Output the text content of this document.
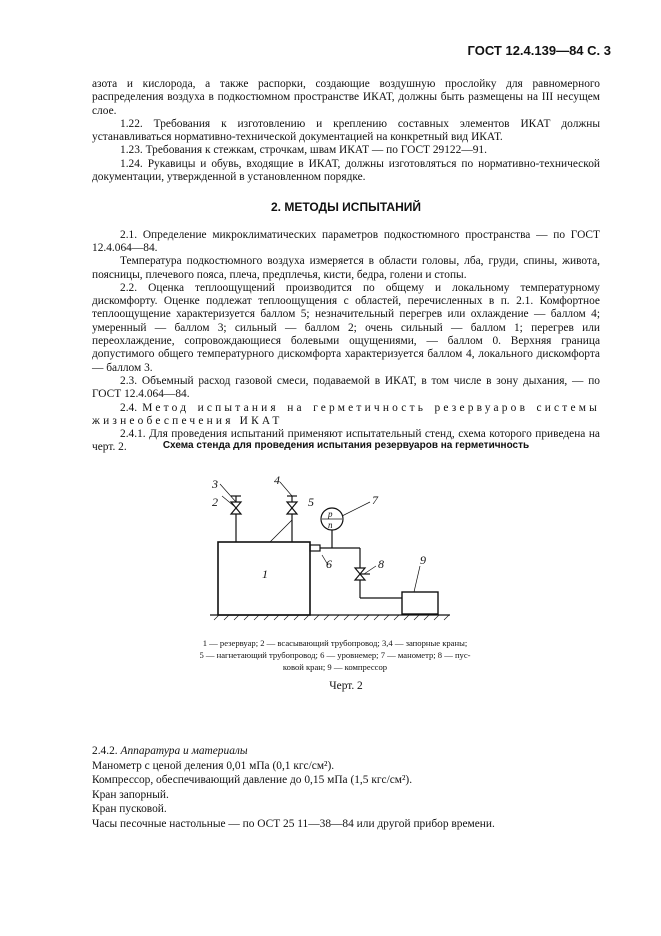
ГОСТ 12.4.139—84 С. 3

азота и кислорода, а также распорки, создающие воздушную прослойку для равномерного распределения воздуха в подкостюмном пространстве ИКАТ, должны быть размещены на III несущем слое.

1.22. Требования к изготовлению и креплению составных элементов ИКАТ должны устанавливаться нормативно-технической документацией на конкретный вид ИКАТ.

1.23. Требования к стежкам, строчкам, швам ИКАТ — по ГОСТ 29122—91.

1.24. Рукавицы и обувь, входящие в ИКАТ, должны изготовляться по нормативно-технической документации, утвержденной в установленном порядке.

2. МЕТОДЫ ИСПЫТАНИЙ

2.1. Определение микроклиматических параметров подкостюмного пространства — по ГОСТ 12.4.064—84.

Температура подкостюмного воздуха измеряется в области головы, лба, груди, спины, живота, поясницы, плечевого пояса, плеча, предплечья, кисти, бедра, голени и стопы.

2.2. Оценка теплоощущений производится по общему и локальному температурному дискомфорту. Оценке подлежат теплоощущения с областей, перечисленных в п. 2.1. Комфортное теплоощущение характеризуется баллом 5; незначительный перегрев или охлаждение — баллом 4; умеренный — баллом 3; сильный — баллом 2; очень сильный — баллом 1; перегрев или переохлаждение, сопровождающиеся болевыми ощущениями, — баллом 0. Верхняя граница допустимого общего температурного дискомфорта характеризуется баллом 4, локального дискомфорта — баллом 3.

2.3. Объемный расход газовой смеси, подаваемой в ИКАТ, в том числе в зону дыхания, — по ГОСТ 12.4.064—84.

2.4. Метод испытания на герметичность резервуаров системы жизнеобеспечения ИКАТ

2.4.1. Для проведения испытаний применяют испытательный стенд, схема которого приведена на черт. 2.	Схема стенда для проведения испытания резервуаров на герметичность
1
2
3	4
5
6
7
8	9
p
n
1 — резервуар; 2 — всасывающий трубопровод; 3,4 — запорные краны;
5 — нагнетающий трубопровод; 6 — уровнемер; 7 — манометр; 8 — пус-
ковой кран; 9 — компрессор
Черт. 2

2.4.2. Аппаратура и материалы

Манометр с ценой деления 0,01 мПа (0,1 кгс/см²).

Компрессор, обеспечивающий давление до 0,15 мПа (1,5 кгс/см²).

Кран запорный.

Кран пусковой.

Часы песочные настольные — по ОСТ 25 11—38—84 или другой прибор времени.
